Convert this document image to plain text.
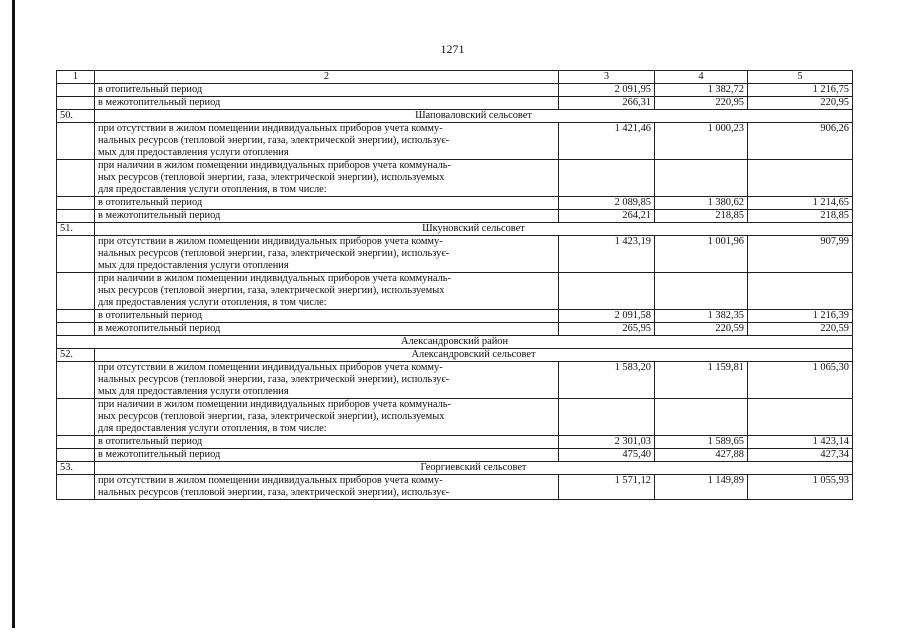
1271
1	2	3	4	5
	в отопительный период	2 091,95	1 382,72	1 216,75
	в межотопительный период	266,31	220,95	220,95
50.	Шаповаловский сельсовет			

	при отсутствии в жилом помещении индивидуальных приборов учета комму-
нальных ресурсов (тепловой энергии, газа, электрической энергии), использує-
мых для предоставления услуги отопления	1 421,46	1 000,23	906,26

	при наличии в жилом помещении индивидуальных приборов учета коммуналь-
ных ресурсов (тепловой энергии, газа, электрической энергии), используемых
для предоставления услуги отопления, в том числе:			

	в отопительный период	2 089,85	1 380,62	1 214,65
	в межотопительный период	264,21	218,85	218,85
51.	Шкуновский сельсовет			

	при отсутствии в жилом помещении индивидуальных приборов учета комму-
нальных ресурсов (тепловой энергии, газа, электрической энергии), использує-
мых для предоставления услуги отопления	1 423,19	1 001,96	907,99

	при наличии в жилом помещении индивидуальных приборов учета коммуналь-
ных ресурсов (тепловой энергии, газа, электрической энергии), используемых
для предоставления услуги отопления, в том числе:			

	в отопительный период	2 091,58	1 382,35	1 216,39
	в межотопительный период	265,95	220,59	220,59
Александровский район				
52.	Александровский сельсовет			

	при отсутствии в жилом помещении индивидуальных приборов учета комму-
нальных ресурсов (тепловой энергии, газа, электрической энергии), использує-
мых для предоставления услуги отопления	1 583,20	1 159,81	1 065,30

	при наличии в жилом помещении индивидуальных приборов учета коммуналь-
ных ресурсов (тепловой энергии, газа, электрической энергии), используемых
для предоставления услуги отопления, в том числе:			

	в отопительный период	2 301,03	1 589,65	1 423,14
	в межотопительный период	475,40	427,88	427,34
53.	Георгиевский сельсовет			

	при отсутствии в жилом помещении индивидуальных приборов учета комму-
нальных ресурсов (тепловой энергии, газа, электрической энергии), использує-	1 571,12	1 149,89	1 055,93
